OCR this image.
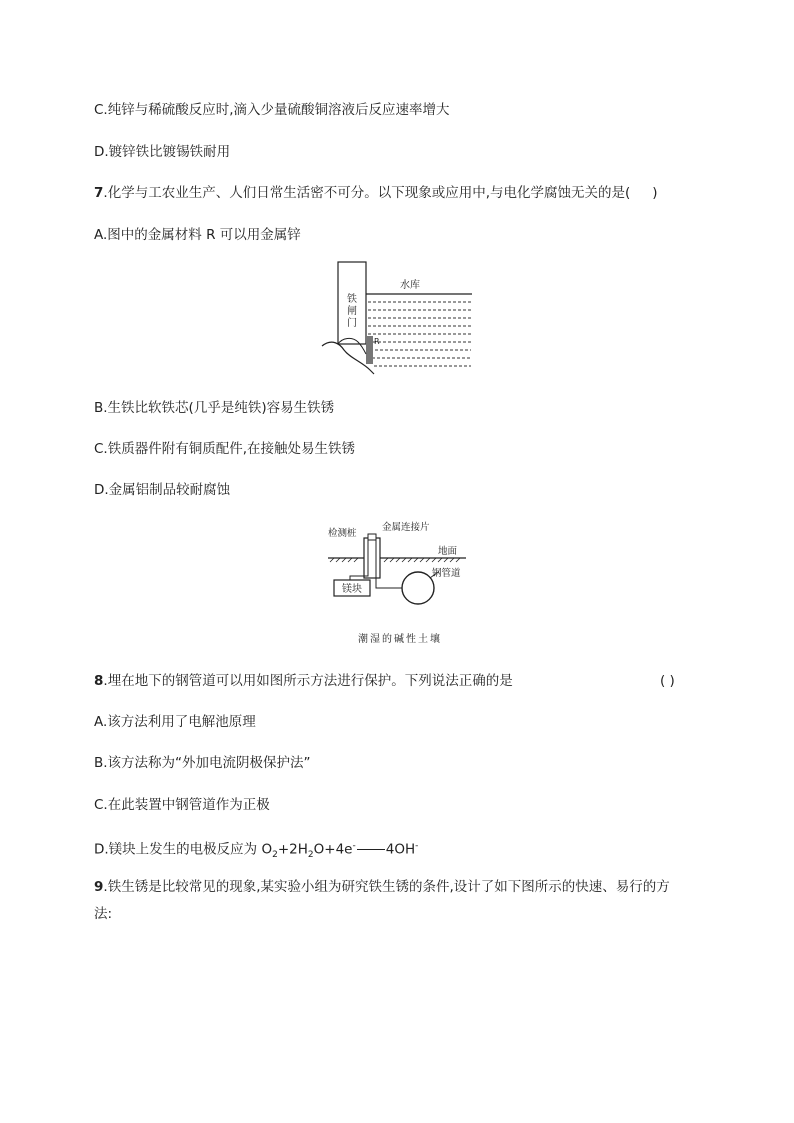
C.纯锌与稀硫酸反应时,滴入少量硫酸铜溶液后反应速率增大
D.镀锌铁比镀锡铁耐用
7.化学与工农业生产、人们日常生活密不可分。以下现象或应用中,与电化学腐蚀无关的是( )
A.图中的金属材料 R 可以用金属锌
铁
闸
门
水库
R
B.生铁比软铁芯(几乎是纯铁)容易生铁锈
C.铁质器件附有铜质配件,在接触处易生铁锈
D.金属铝制品较耐腐蚀
镁块
检测桩
金属连接片
地面
钢管道
潮湿的碱性土壤
8.埋在地下的钢管道可以用如图所示方法进行保护。下列说法正确的是	( )
A.该方法利用了电解池原理
B.该方法称为“外加电流阴极保护法”
C.在此装置中钢管道作为正极
D.镁块上发生的电极反应为 $O_2+2H_2O+4e^-$ 4OH-
9.铁生锈是比较常见的现象,某实验小组为研究铁生锈的条件,设计了如下图所示的快速、易行的方
法:
